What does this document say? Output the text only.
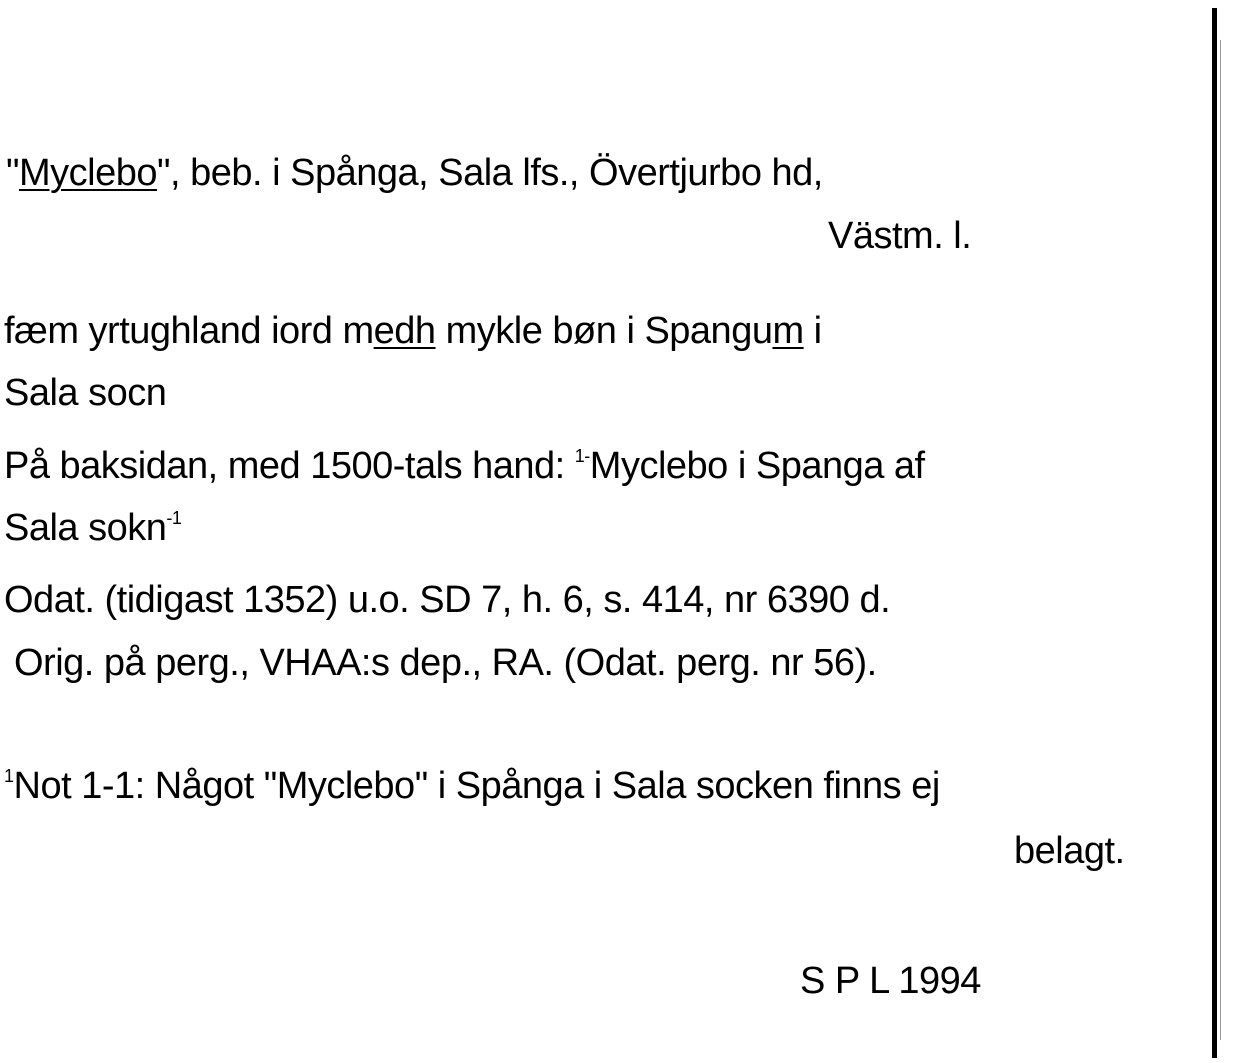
"Myclebo", beb. i Spånga, Sala lfs., Övertjurbo hd,
Västm. l.
fæm yrtughland iord medh mykle bøn i Spangum i
Sala socn
På baksidan, med 1500-tals hand: $^{1-}$Myclebo i Spanga af
Sala sokn$^{-1}$
Odat. (tidigast 1352) u.o. SD 7, h. 6, s. 414, nr 6390 d.
Orig. på perg., VHAA:s dep., RA. (Odat. perg. nr 56).
$^1$Not 1-1: Något "Myclebo" i Spånga i Sala socken finns ej
belagt.
S P L 1994
